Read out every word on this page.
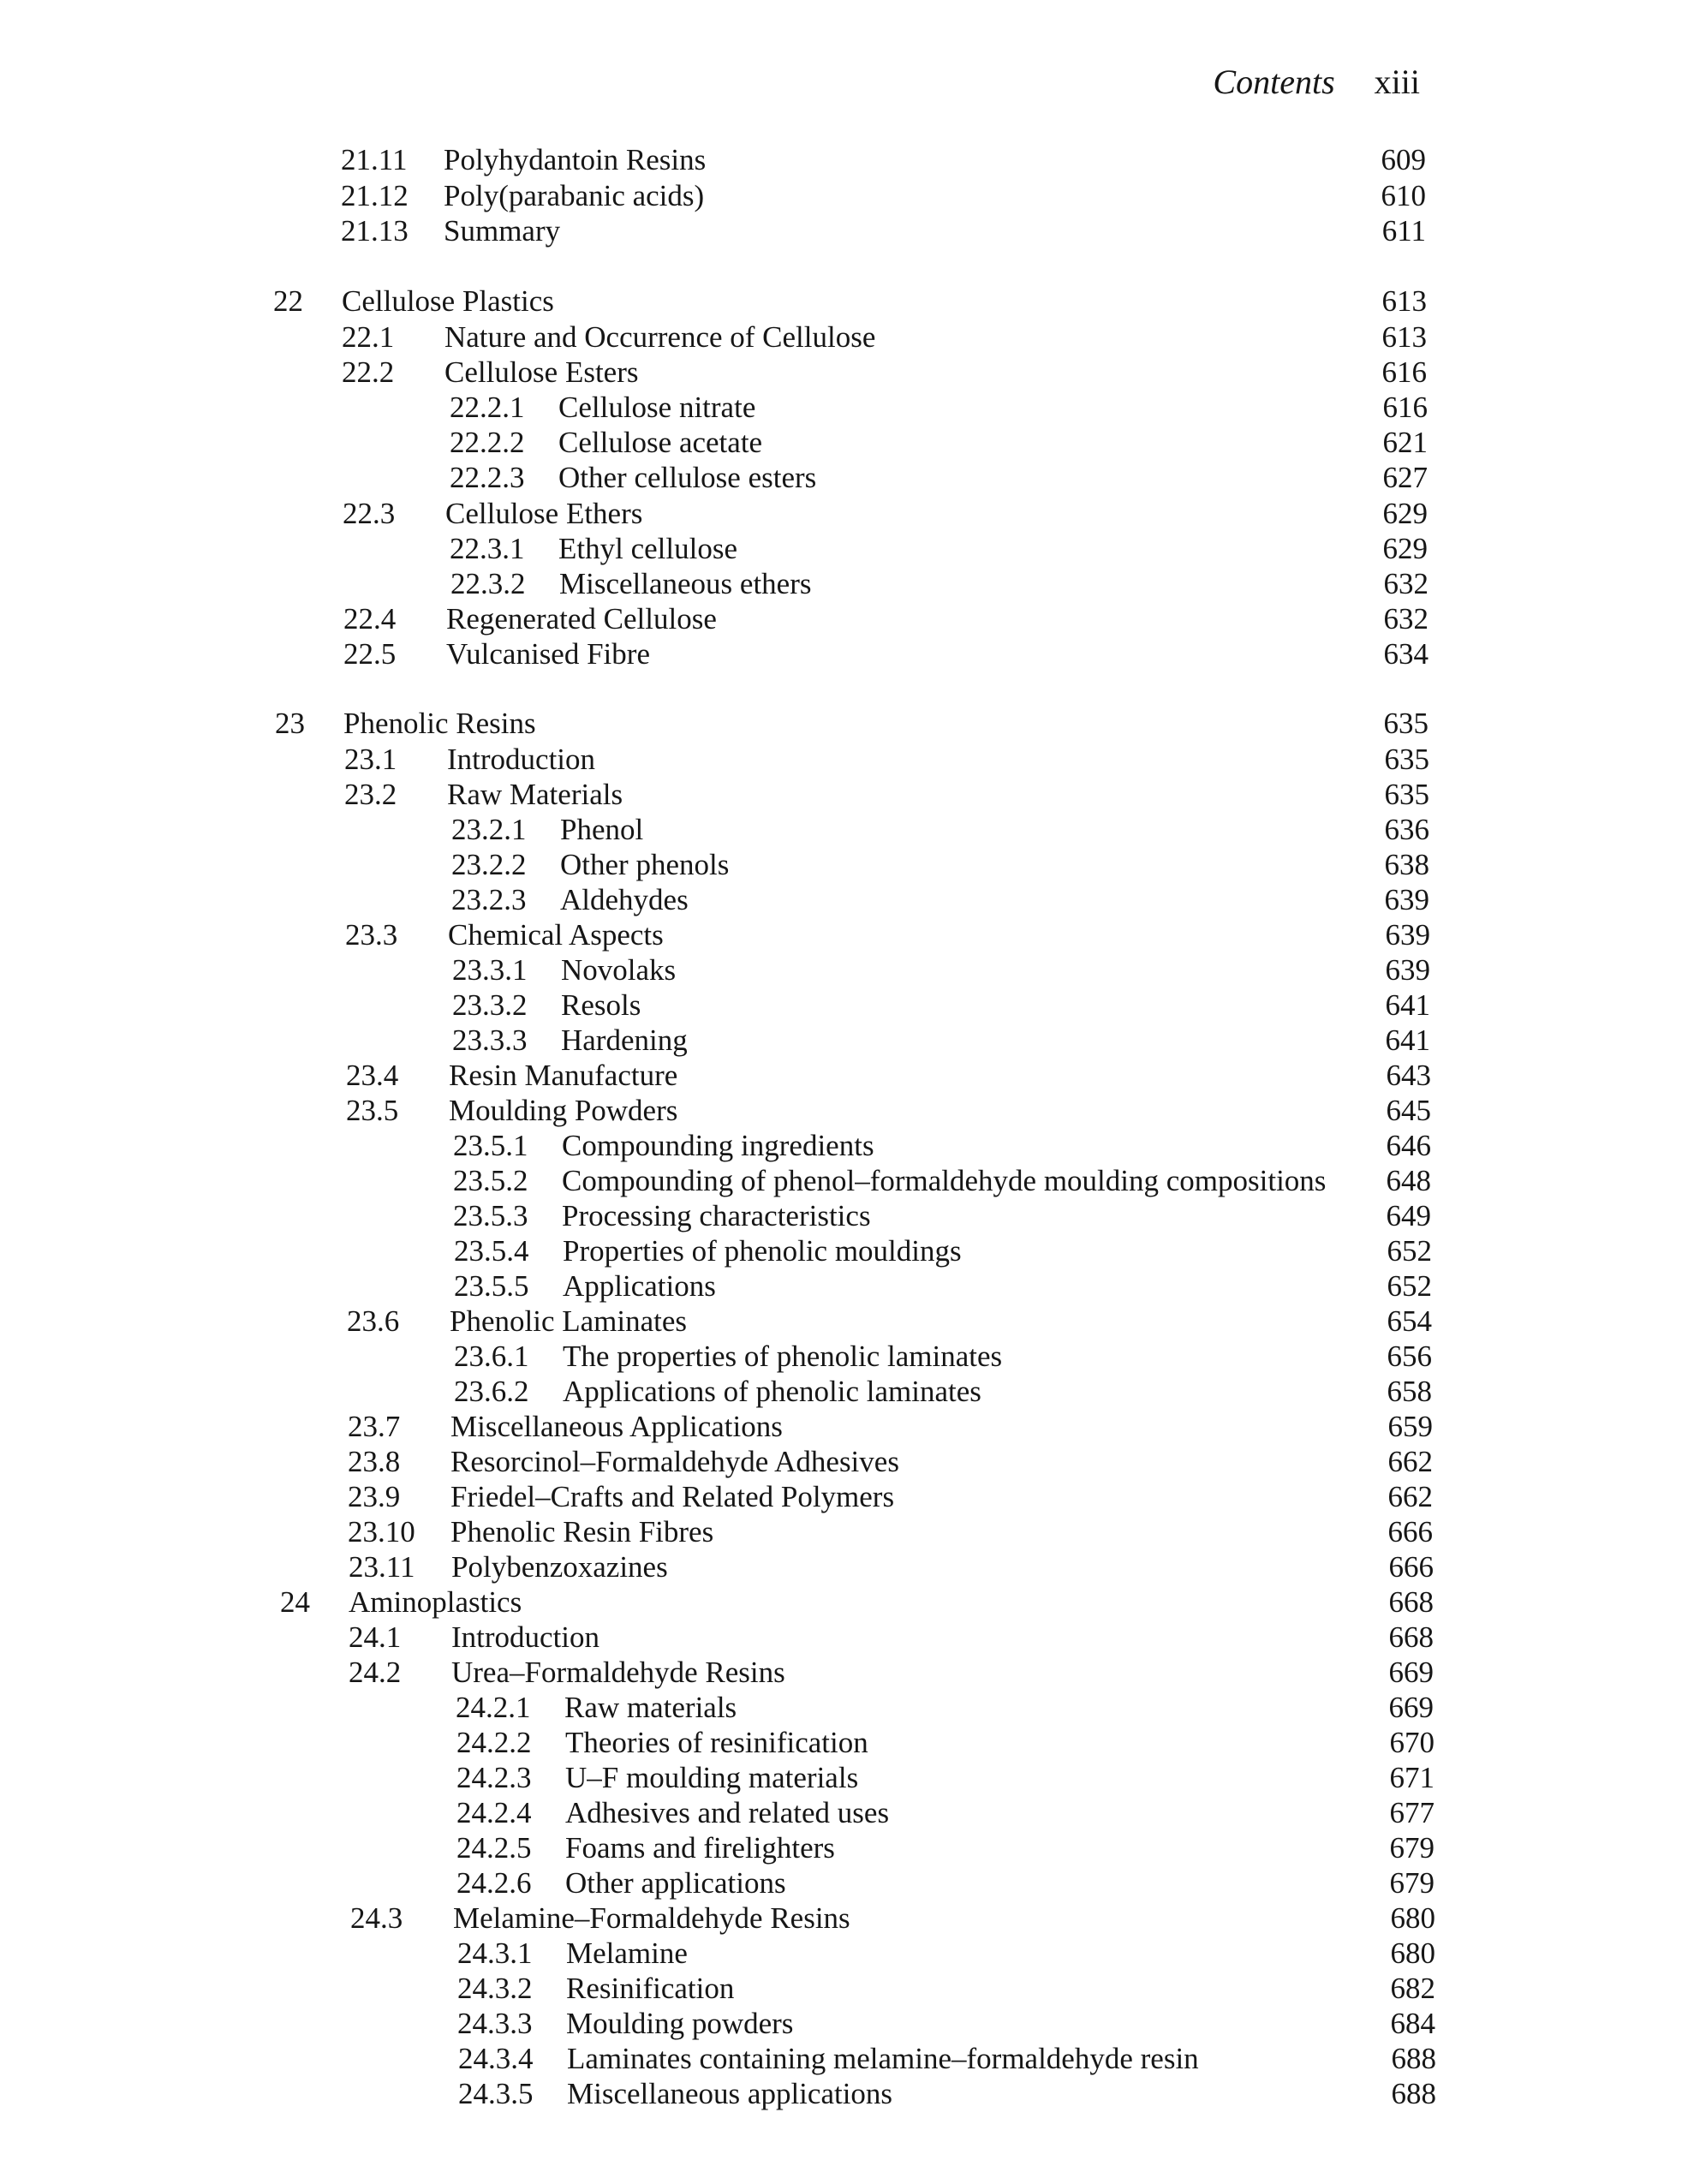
Contents xiii
21.11 Polyhydantoin Resins	609
21.12 Poly(parabanic acids)	610
21.13 Summary	611
22 Cellulose Plastics	613
22.1 Nature and Occurrence of Cellulose	613
22.2 Cellulose Esters	616
22.2.1 Cellulose nitrate	616
22.2.2 Cellulose acetate	621
22.2.3 Other cellulose esters	627
22.3 Cellulose Ethers	629
22.3.1 Ethyl cellulose	629
22.3.2 Miscellaneous ethers	632
22.4 Regenerated Cellulose	632
22.5 Vulcanised Fibre	634
23 Phenolic Resins	635
23.1 Introduction	635
23.2 Raw Materials	635
23.2.1 Phenol	636
23.2.2 Other phenols	638
23.2.3 Aldehydes	639
23.3 Chemical Aspects	639
23.3.1 Novolaks	639
23.3.2 Resols	641
23.3.3 Hardening	641
23.4 Resin Manufacture	643
23.5 Moulding Powders	645
23.5.1 Compounding ingredients	646
23.5.2 Compounding of phenol–formaldehyde moulding compositions 648
23.5.3 Processing characteristics	649
23.5.4 Properties of phenolic mouldings	652
23.5.5 Applications	652
23.6 Phenolic Laminates	654
23.6.1 The properties of phenolic laminates	656
23.6.2 Applications of phenolic laminates	658
23.7 Miscellaneous Applications	659
23.8 Resorcinol–Formaldehyde Adhesives	662
23.9 Friedel–Crafts and Related Polymers	662
23.10 Phenolic Resin Fibres	666
23.11 Polybenzoxazines	666
24 Aminoplastics	668
24.1 Introduction	668
24.2 Urea–Formaldehyde Resins	669
24.2.1 Raw materials	669
24.2.2 Theories of resinification	670
24.2.3 U–F moulding materials	671
24.2.4 Adhesives and related uses	677
24.2.5 Foams and firelighters	679
24.2.6 Other applications	679
24.3 Melamine–Formaldehyde Resins	680
24.3.1 Melamine	680
24.3.2 Resinification	682
24.3.3 Moulding powders	684
24.3.4 Laminates containing melamine–formaldehyde resin	688
24.3.5 Miscellaneous applications	688
